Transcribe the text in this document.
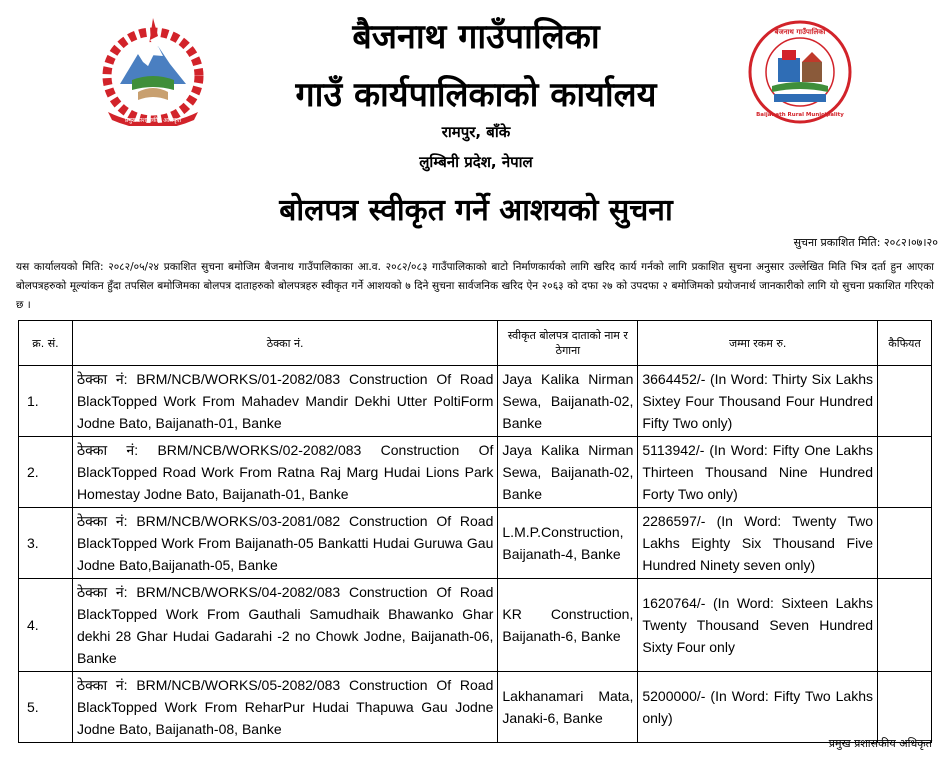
प्रमुख प्रशासकीय अधिकृत
बैजनाथ गाउँपालिका
Baijanath Rural Municipality
बैजनाथ गाउँपालिका
गाउँ कार्यपालिकाको कार्यालय
रामपुर, बाँके
लुम्बिनी प्रदेश, नेपाल
बोलपत्र स्वीकृत गर्ने आशयको सुचना
सुचना प्रकाशित मिति: २०८२।०७।२०
यस कार्यालयको मिति: २०८२/०५/२४ प्रकाशित सुचना बमोजिम बैजनाथ गाउँपालिकाका आ.व. २०८२/०८३ गाउँपालिकाको बाटो निर्माणकार्यको लागि खरिद कार्य गर्नको लागि प्रकाशित सुचना अनुसार उल्लेखित मिति भित्र दर्ता हुन आएका बोलपत्रहरुको मूल्यांकन हुँदा तपसिल बमोजिमका बोलपत्र दाताहरुको बोलपत्रहरु स्वीकृत गर्ने आशयको ७ दिने सुचना सार्वजनिक खरिद ऐन २०६३ को दफा २७ को उपदफा २ बमोजिमको प्रयोजनार्थ जानकारीको लागि यो सुचना प्रकाशित गरिएको छ ।
क्र. सं.	ठेक्का नं.	स्वीकृत बोलपत्र दाताको नाम र ठेगाना	जम्मा रकम रु.	कैफियत
1.	ठेक्का नं: BRM/NCB/WORKS/01-2082/083 Construction Of Road BlackTopped Work From Mahadev Mandir Dekhi Utter PoltiForm Jodne Bato, Baijanath-01, Banke	Jaya Kalika Nirman Sewa, Baijanath-02, Banke	3664452/- (In Word: Thirty Six Lakhs Sixtey Four Thousand Four Hundred Fifty Two only)	
2.	ठेक्का नं: BRM/NCB/WORKS/02-2082/083 Construction Of BlackTopped Road Work From Ratna Raj Marg Hudai Lions Park Homestay Jodne Bato, Baijanath-01, Banke	Jaya Kalika Nirman Sewa, Baijanath-02, Banke	5113942/- (In Word: Fifty One Lakhs Thirteen Thousand Nine Hundred Forty Two only)	
3.	ठेक्का नं: BRM/NCB/WORKS/03-2081/082 Construction Of Road BlackTopped Work From Baijanath-05 Bankatti Hudai Guruwa Gau Jodne Bato,Baijanath-05, Banke	L.M.P.Construction, Baijanath-4, Banke	2286597/- (In Word: Twenty Two Lakhs Eighty Six Thousand Five Hundred Ninety seven only)	
4.	ठेक्का नं: BRM/NCB/WORKS/04-2082/083 Construction Of Road BlackTopped Work From Gauthali Samudhaik Bhawanko Ghar dekhi 28 Ghar Hudai Gadarahi -2 no Chowk Jodne, Baijanath-06, Banke	KR Construction, Baijanath-6, Banke	1620764/- (In Word: Sixteen Lakhs Twenty Thousand Seven Hundred Sixty Four only	
5.	ठेक्का नं: BRM/NCB/WORKS/05-2082/083 Construction Of Road BlackTopped Work From ReharPur Hudai Thapuwa Gau Jodne Jodne Bato, Baijanath-08, Banke	Lakhanamari Mata, Janaki-6, Banke	5200000/- (In Word: Fifty Two Lakhs only)	
प्रमुख प्रशासकीय अधिकृत
